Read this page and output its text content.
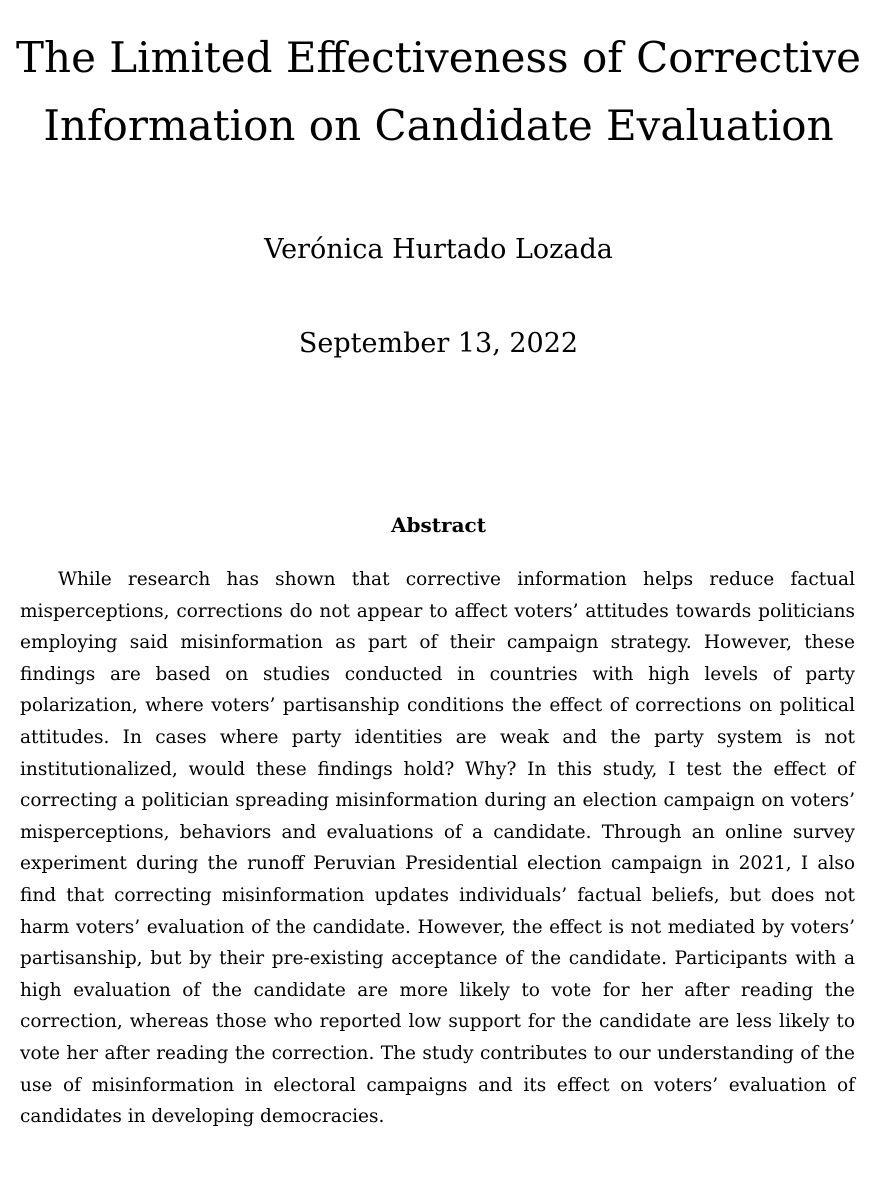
The Limited Effectiveness of Corrective
Information on Candidate Evaluation
Verónica Hurtado Lozada
September 13, 2022
Abstract

While research has shown that corrective information helps reduce factual misperceptions, corrections do not appear to affect voters’ attitudes towards politicians employing said misinformation as part of their campaign strategy. However, these findings are based on studies conducted in countries with high levels of party polarization, where voters’ partisanship conditions the effect of corrections on political attitudes. In cases where party identities are weak and the party system is not institutionalized, would these findings hold? Why? In this study, I test the effect of correcting a politician spreading misinformation during an election campaign on voters’ misperceptions, behaviors and evaluations of a candidate. Through an online survey experiment during the runoff Peruvian Presidential election campaign in 2021, I also find that correcting misinformation updates individuals’ factual beliefs, but does not harm voters’ evaluation of the candidate. However, the effect is not mediated by voters’ partisanship, but by their pre-existing acceptance of the candidate. Participants with a high evaluation of the candidate are more likely to vote for her after reading the correction, whereas those who reported low support for the candidate are less likely to vote her after reading the correction. The study contributes to our understanding of the use of misinformation in electoral campaigns and its effect on voters’ evaluation of candidates in developing democracies.
